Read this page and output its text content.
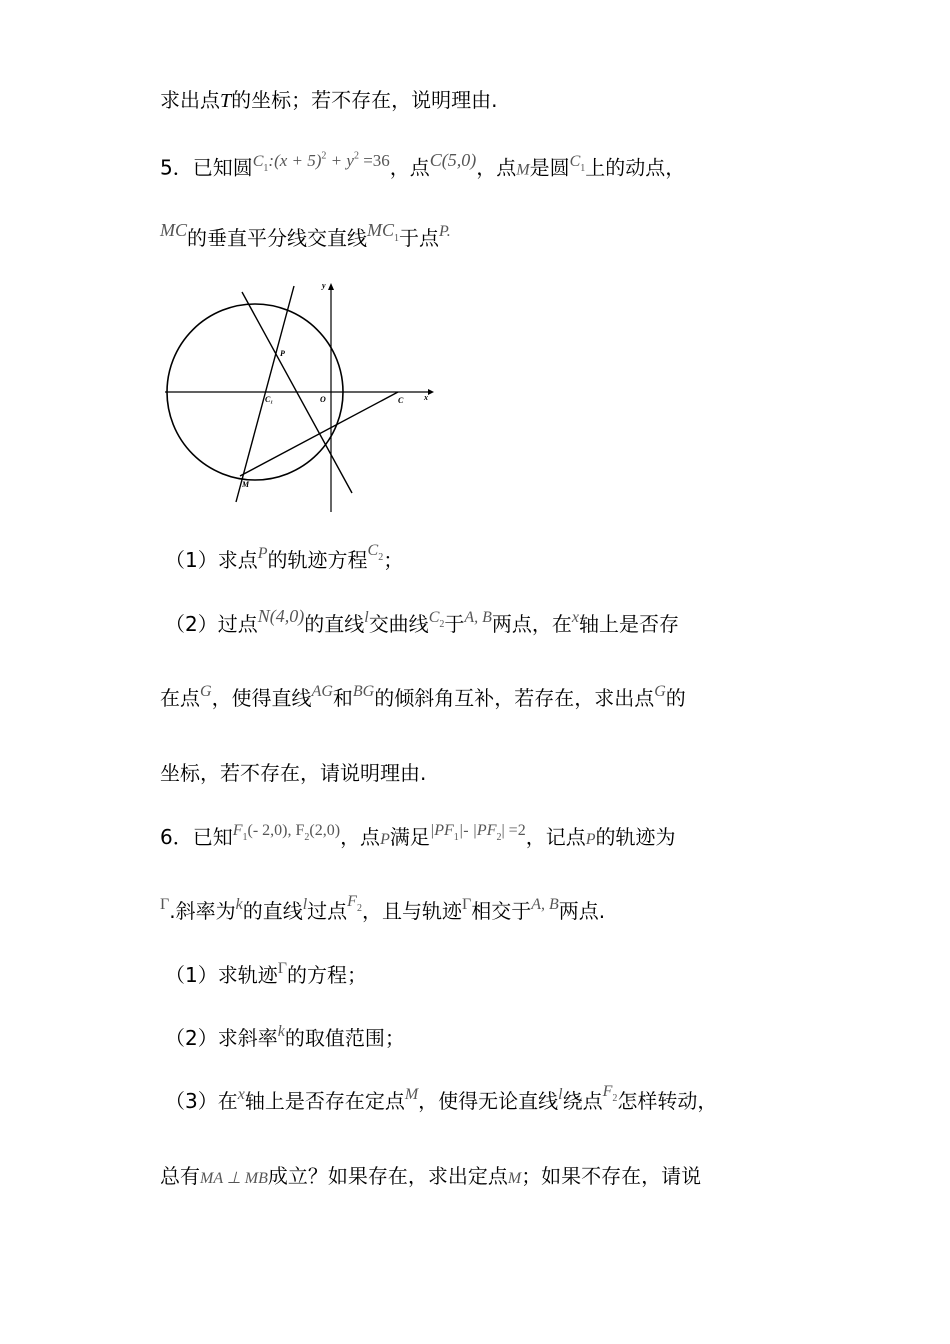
求出点T的坐标；若不存在，说明理由.
5．已知圆$C_1:(x + 5)^2 + y^2 =36$，点C(5,0)，点M是圆$C_1$上的动点，
MC的垂直平分线交直线$MC_1$于点$^{P.}$
y
x
P
C₁	O	C
M
（1）求点$^P$的轨迹方程$C_2$；
（2）过点N(4,0)的直线$^l$交曲线$C_2$于$^{A, B}$两点，在$^x$轴上是否存
在点$^G$，使得直线$^{AG}$和$^{BG}$的倾斜角互补，若存在，求出点$^G$的
坐标，若不存在，请说明理由.
6．已知$F_1(-$ 2,0), $F_2(2,0)$，点P满足$|PF_1|-$ $|PF_2| =2$，记点P的轨迹为
$^\Gamma$.斜率为$^k$的直线$^l$过点$F_2$，且与轨迹$^\Gamma$相交于$^{A, B}$两点.
（1）求轨迹$^\Gamma$的方程；
（2）求斜率$^k$的取值范围；
（3）在$^x$轴上是否存在定点$^M$，使得无论直线$^l$绕点$F_2$怎样转动，
总有MA ⊥ MB成立？如果存在，求出定点M；如果不存在，请说
